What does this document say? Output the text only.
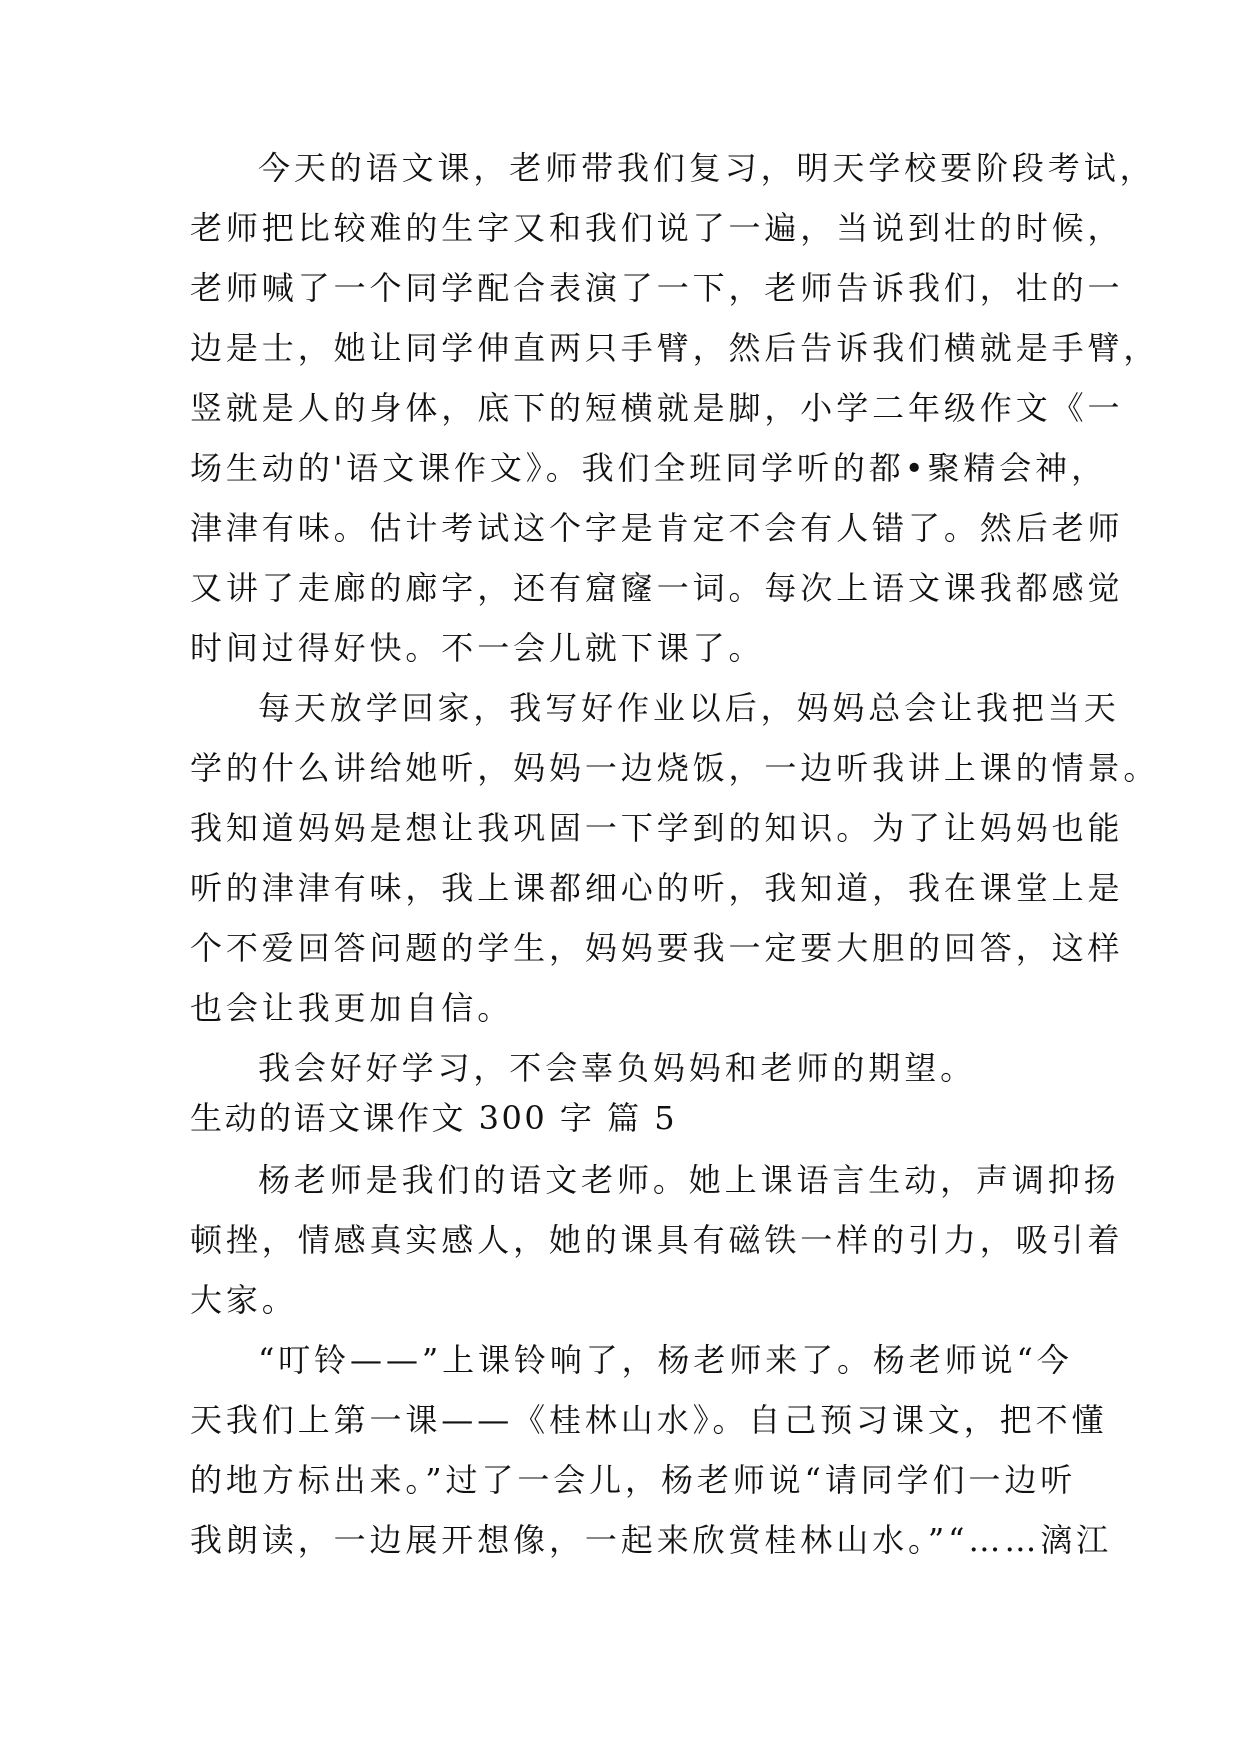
今天的语文课，老师带我们复习，明天学校要阶段考试，
老师把比较难的生字又和我们说了一遍，当说到壮的时候，
老师喊了一个同学配合表演了一下，老师告诉我们，壮的一
边是士，她让同学伸直两只手臂，然后告诉我们横就是手臂，
竖就是人的身体，底下的短横就是脚，小学二年级作文《一
场生动的'语文课作文》。我们全班同学听的都•聚精会神，
津津有味。估计考试这个字是肯定不会有人错了。然后老师
又讲了走廊的廊字，还有窟窿一词。每次上语文课我都感觉
时间过得好快。不一会儿就下课了。
每天放学回家，我写好作业以后，妈妈总会让我把当天
学的什么讲给她听，妈妈一边烧饭，一边听我讲上课的情景。
我知道妈妈是想让我巩固一下学到的知识。为了让妈妈也能
听的津津有味，我上课都细心的听，我知道，我在课堂上是
个不爱回答问题的学生，妈妈要我一定要大胆的回答，这样
也会让我更加自信。
我会好好学习，不会辜负妈妈和老师的期望。
生动的语文课作文 300 字 篇 5
杨老师是我们的语文老师。她上课语言生动，声调抑扬
顿挫，情感真实感人，她的课具有磁铁一样的引力，吸引着
大家。
“叮铃——”上课铃响了，杨老师来了。杨老师说“今
天我们上第一课——《桂林山水》。自己预习课文，把不懂
的地方标出来。”过了一会儿，杨老师说“请同学们一边听
我朗读，一边展开想像，一起来欣赏桂林山水。”“……漓江
